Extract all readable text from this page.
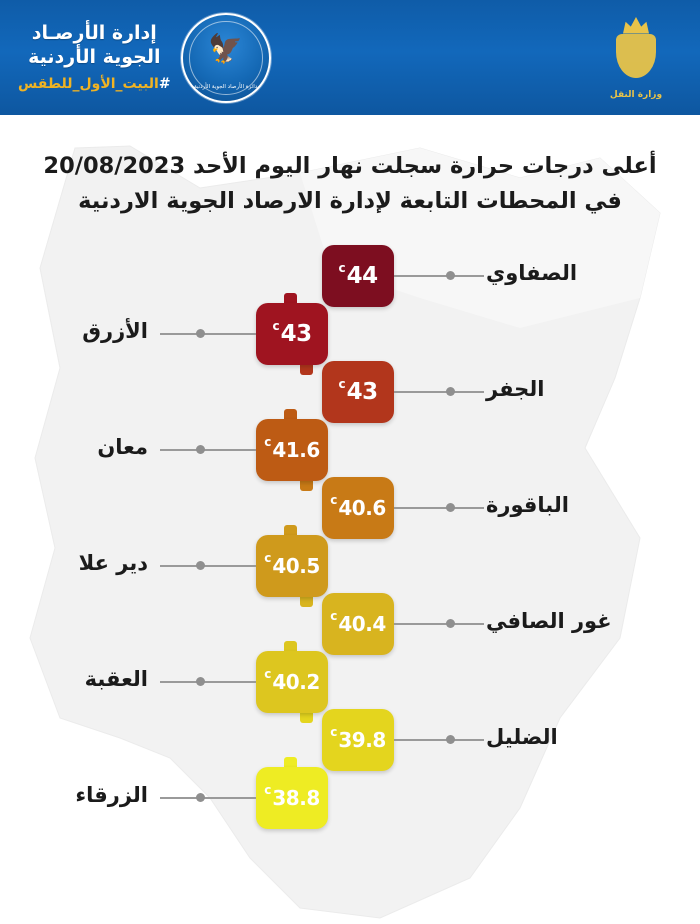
إدارة الأرصـاد
الجوية الأردنية
#البيت_الأول_للطقس
🦅
دائرة الأرصاد الجوية الأردنية
وزارة النقل
أعلى درجات حرارة سجلت نهار اليوم الأحد 20/08/2023
في المحطات التابعة لإدارة الارصاد الجوية الاردنية
44
c	الصفاوي
43
c
الأزرق
43
c	الجفر
41.6
c
معان
40.6
c	الباقورة
40.5
c
دير علا
40.4
c	غور الصافي
40.2
c
العقبة
39.8
c	الضليل
38.8
c
الزرقاء
